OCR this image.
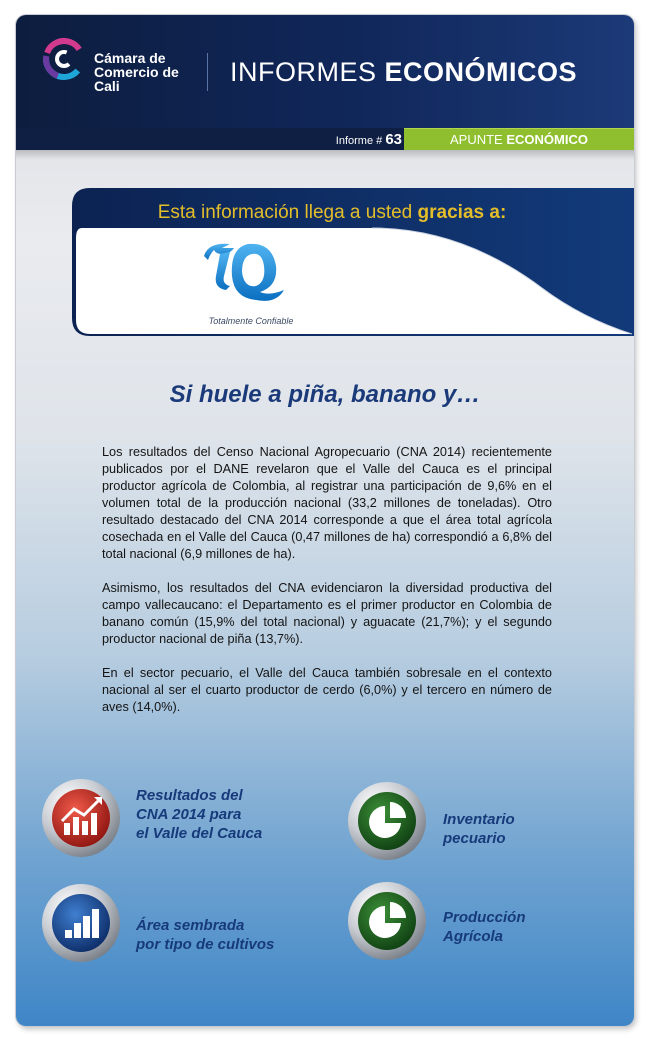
Cámara de
Comercio de
Cali	INFORMES ECONÓMICOS
Informe # 63	APUNTE ECONÓMICO
Esta información llega a usted gracias a:
Totalmente Confiable
Si huele a piña, banano y…

Los resultados del Censo Nacional Agropecuario (CNA 2014) recientemente publicados por el DANE revelaron que el Valle del Cauca es el principal productor agrícola de Colombia, al registrar una participación de 9,6% en el volumen total de la producción nacional (33,2 millones de toneladas). Otro resultado destacado del CNA 2014 corresponde a que el área total agrícola cosechada en el Valle del Cauca (0,47 millones de ha) correspondió a 6,8% del total nacional (6,9 millones de ha).

Asimismo, los resultados del CNA evidenciaron la diversidad productiva del campo vallecaucano: el Departamento es el primer productor en Colombia de banano común (15,9% del total nacional) y aguacate (21,7%); y el segundo productor nacional de piña (13,7%).

En el sector pecuario, el Valle del Cauca también sobresale en el contexto nacional al ser el cuarto productor de cerdo (6,0%) y el tercero en número de aves (14,0%).

Resultados del
CNA 2014 para
el Valle del Cauca
Inventario
pecuario
Área sembrada
por tipo de cultivos
Producción
Agrícola
